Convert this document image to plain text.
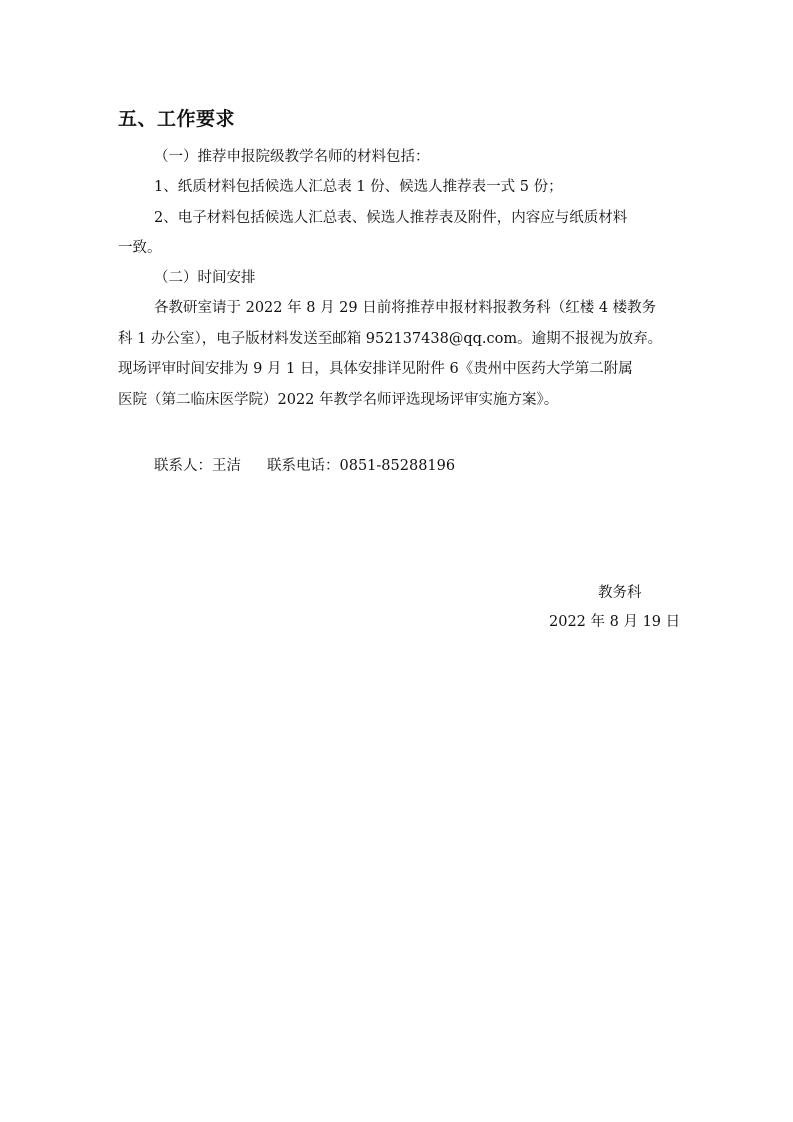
五、工作要求
（一）推荐申报院级教学名师的材料包括：
1、纸质材料包括候选人汇总表 1 份、候选人推荐表一式 5 份；
2、电子材料包括候选人汇总表、候选人推荐表及附件，内容应与纸质材料
一致。
（二）时间安排
各教研室请于 2022 年 8 月 29 日前将推荐申报材料报教务科（红楼 4 楼教务
科 1 办公室），电子版材料发送至邮箱 952137438@qq.com。逾期不报视为放弃。
现场评审时间安排为 9 月 1 日，具体安排详见附件 6《贵州中医药大学第二附属
医院（第二临床医学院）2022 年教学名师评选现场评审实施方案》。
联系人：王洁 联系电话：0851-85288196
教务科
2022 年 8 月 19 日
